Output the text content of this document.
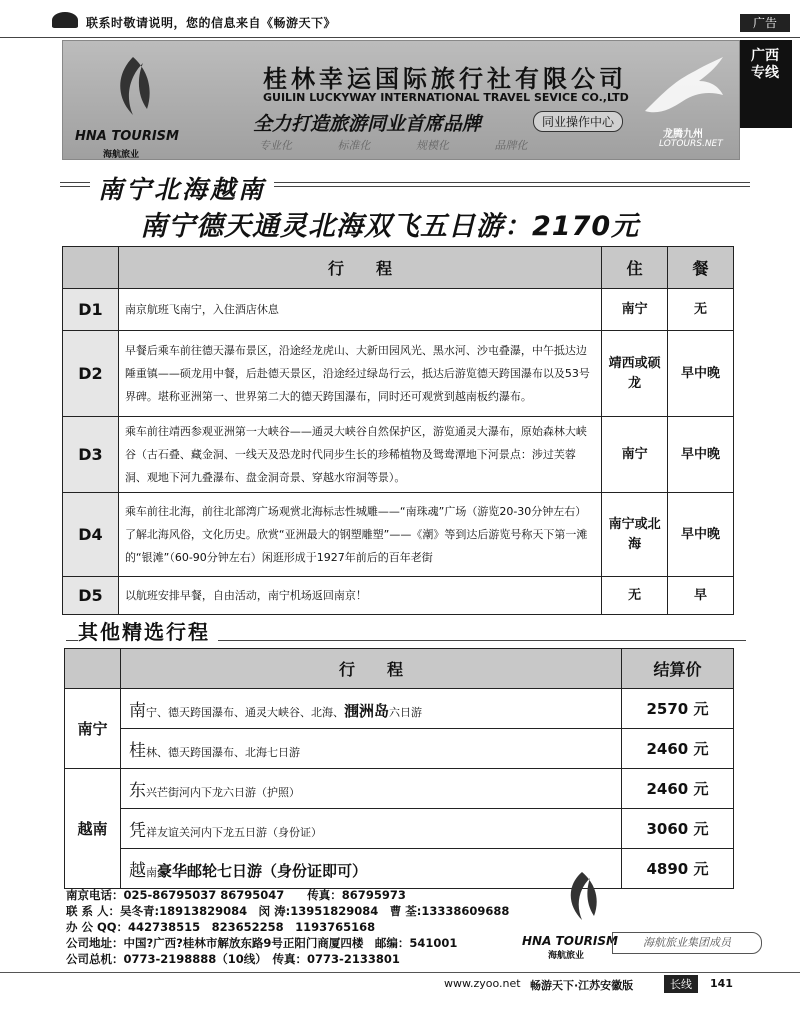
联系时敬请说明，您的信息来自《畅游天下》	广告
广西
专线
HNA TOURISM
海航旅业
桂林幸运国际旅行社有限公司
GUILIN LUCKYWAY INTERNATIONAL TRAVEL SEVICE CO.,LTD
全力打造旅游同业首席品牌	同业操作中心
专业化	标准化	规模化	品牌化
龙腾九州
LOTOURS.NET
南宁北海越南
南宁德天通灵北海双飞五日游：2170元
	行　　程	住	餐
D1	南京航班飞南宁，入住酒店休息	南宁	无
D2	早餐后乘车前往德天瀑布景区，沿途经龙虎山、大新田园风光、黑水河、沙屯叠瀑，中午抵达边陲重镇——硕龙用中餐，后赴德天景区，沿途经过绿岛行云，抵达后游览德天跨国瀑布以及53号界碑。堪称亚洲第一、世界第二大的德天跨国瀑布，同时还可观赏到越南板约瀑布。	靖西或硕龙	早中晚
D3	乘车前往靖西参观亚洲第一大峡谷——通灵大峡谷自然保护区，游览通灵大瀑布，原始森林大峡谷（古石叠、藏金洞、一线天及恐龙时代同步生长的珍稀植物及鸳鸯潭地下河景点：涉过芙蓉洞、观地下河九叠瀑布、盘金洞奇景、穿越水帘洞等景）。	南宁	早中晚
D4	乘车前往北海，前往北部湾广场观赏北海标志性城雕——“南珠魂”广场（游览20-30分钟左右）了解北海风俗，文化历史。欣赏“亚洲最大的钢塑雕塑”——《潮》等到达后游览号称天下第一滩的“银滩”（60-90分钟左右）闲逛形成于1927年前后的百年老街	南宁或北海	早中晚
D5	以航班安排早餐，自由活动，南宁机场返回南京！	无	早
其他精选行程
	行　　程	结算价
南宁	南宁、德天跨国瀑布、通灵大峡谷、北海、涠洲岛六日游	2570 元
	桂林、德天跨国瀑布、北海七日游	2460 元
越南	东兴芒街河内下龙六日游（护照）	2460 元
	凭祥友谊关河内下龙五日游（身份证）	3060 元
	越南豪华邮轮七日游（身份证即可）	4890 元
南京电话：025-86795037 86795047　　传真：86795973
联 系 人：吴冬青:18913829084　闵 涛:13951829084　曹 荃:13338609688
办 公 QQ：442738515　823652258　1193765168
公司地址：中国?广西?桂林市解放东路9号正阳门商厦四楼　邮编：541001
公司总机：0773-2198888（10线）　传真：0773-2133801
HNA TOURISM
海航旅业
海航旅业集团成员
www.zyoo.net 畅游天下·江苏安徽版	长线	141
